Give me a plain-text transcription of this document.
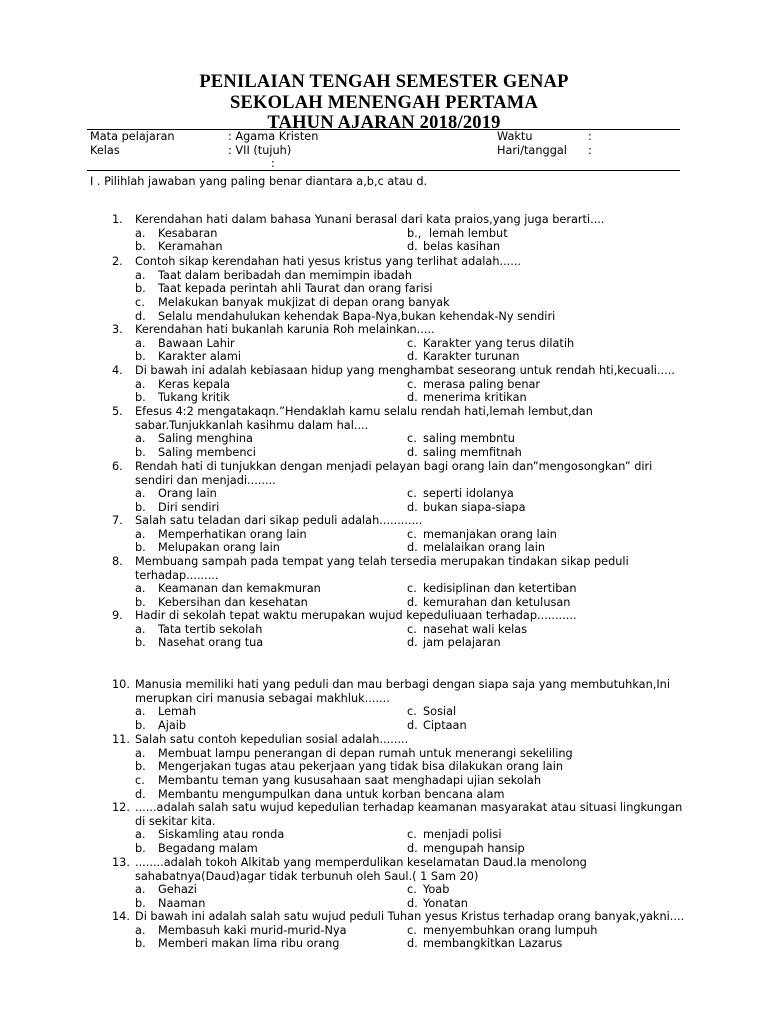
PENILAIAN TENGAH SEMESTER GENAP
SEKOLAH MENENGAH PERTAMA
TAHUN AJARAN 2018/2019
Mata pelajaran	: Agama Kristen	Waktu	:
Kelas	: VII (tujuh)	Hari/tanggal :
:
I . Pilihlah jawaban yang paling benar diantara a,b,c atau d.
1.	Kerendahan hati dalam bahasa Yunani berasal dari kata praios,yang juga berarti....
a. Kesabaran	b., lemah lembut
b. Keramahan	d. belas kasihan
2.	Contoh sikap kerendahan hati yesus kristus yang terlihat adalah......
a. Taat dalam beribadah dan memimpin ibadah
b. Taat kepada perintah ahli Taurat dan orang farisi
c. Melakukan banyak mukjizat di depan orang banyak
d. Selalu mendahulukan kehendak Bapa-Nya,bukan kehendak-Ny sendiri
3.	Kerendahan hati bukanlah karunia Roh melainkan.....
a. Bawaan Lahir	c. Karakter yang terus dilatih
b. Karakter alami	d. Karakter turunan
4.	Di bawah ini adalah kebiasaan hidup yang menghambat seseorang untuk rendah hti,kecuali.....
a. Keras kepala	c. merasa paling benar
b. Tukang kritik	d. menerima kritikan
5.	Efesus 4:2 mengatakaqn.”Hendaklah kamu selalu rendah hati,lemah lembut,dan
sabar.Tunjukkanlah kasihmu dalam hal....
a. Saling menghina	c. saling membntu
b. Saling membenci	d. saling memfitnah
6.	Rendah hati di tunjukkan dengan menjadi pelayan bagi orang lain dan”mengosongkan” diri
sendiri dan menjadi........
a. Orang lain	c. seperti idolanya
b. Diri sendiri	d. bukan siapa-siapa
7.	Salah satu teladan dari sikap peduli adalah............
a. Memperhatikan orang lain	c. memanjakan orang lain
b. Melupakan orang lain	d. melalaikan orang lain
8.	Membuang sampah pada tempat yang telah tersedia merupakan tindakan sikap peduli
terhadap.........
a. Keamanan dan kemakmuran	c. kedisiplinan dan ketertiban
b. Kebersihan dan kesehatan	d. kemurahan dan ketulusan
9.	Hadir di sekolah tepat waktu merupakan wujud kepeduliuaan terhadap...........
a. Tata tertib sekolah	c. nasehat wali kelas
b. Nasehat orang tua	d. jam pelajaran
10. Manusia memiliki hati yang peduli dan mau berbagi dengan siapa saja yang membutuhkan,Ini
merupkan ciri manusia sebagai makhluk.......
a. Lemah	c. Sosial
b. Ajaib	d. Ciptaan
11. Salah satu contoh kepedulian sosial adalah........
a. Membuat lampu penerangan di depan rumah untuk menerangi sekeliling
b. Mengerjakan tugas atau pekerjaan yang tidak bisa dilakukan orang lain
c. Membantu teman yang kususahaan saat menghadapi ujian sekolah
d. Membantu mengumpulkan dana untuk korban bencana alam
12. ......adalah salah satu wujud kepedulian terhadap keamanan masyarakat atau situasi lingkungan
di sekitar kita.
a. Siskamling atau ronda	c. menjadi polisi
b. Begadang malam	d. mengupah hansip
13. ........adalah tokoh Alkitab yang memperdulikan keselamatan Daud.Ia menolong
sahabatnya(Daud)agar tidak terbunuh oleh Saul.( 1 Sam 20)
a. Gehazi	c. Yoab
b. Naaman	d. Yonatan
14. Di bawah ini adalah salah satu wujud peduli Tuhan yesus Kristus terhadap orang banyak,yakni....
a. Membasuh kaki murid-murid-Nya	c. menyembuhkan orang lumpuh
b. Memberi makan lima ribu orang	d. membangkitkan Lazarus
